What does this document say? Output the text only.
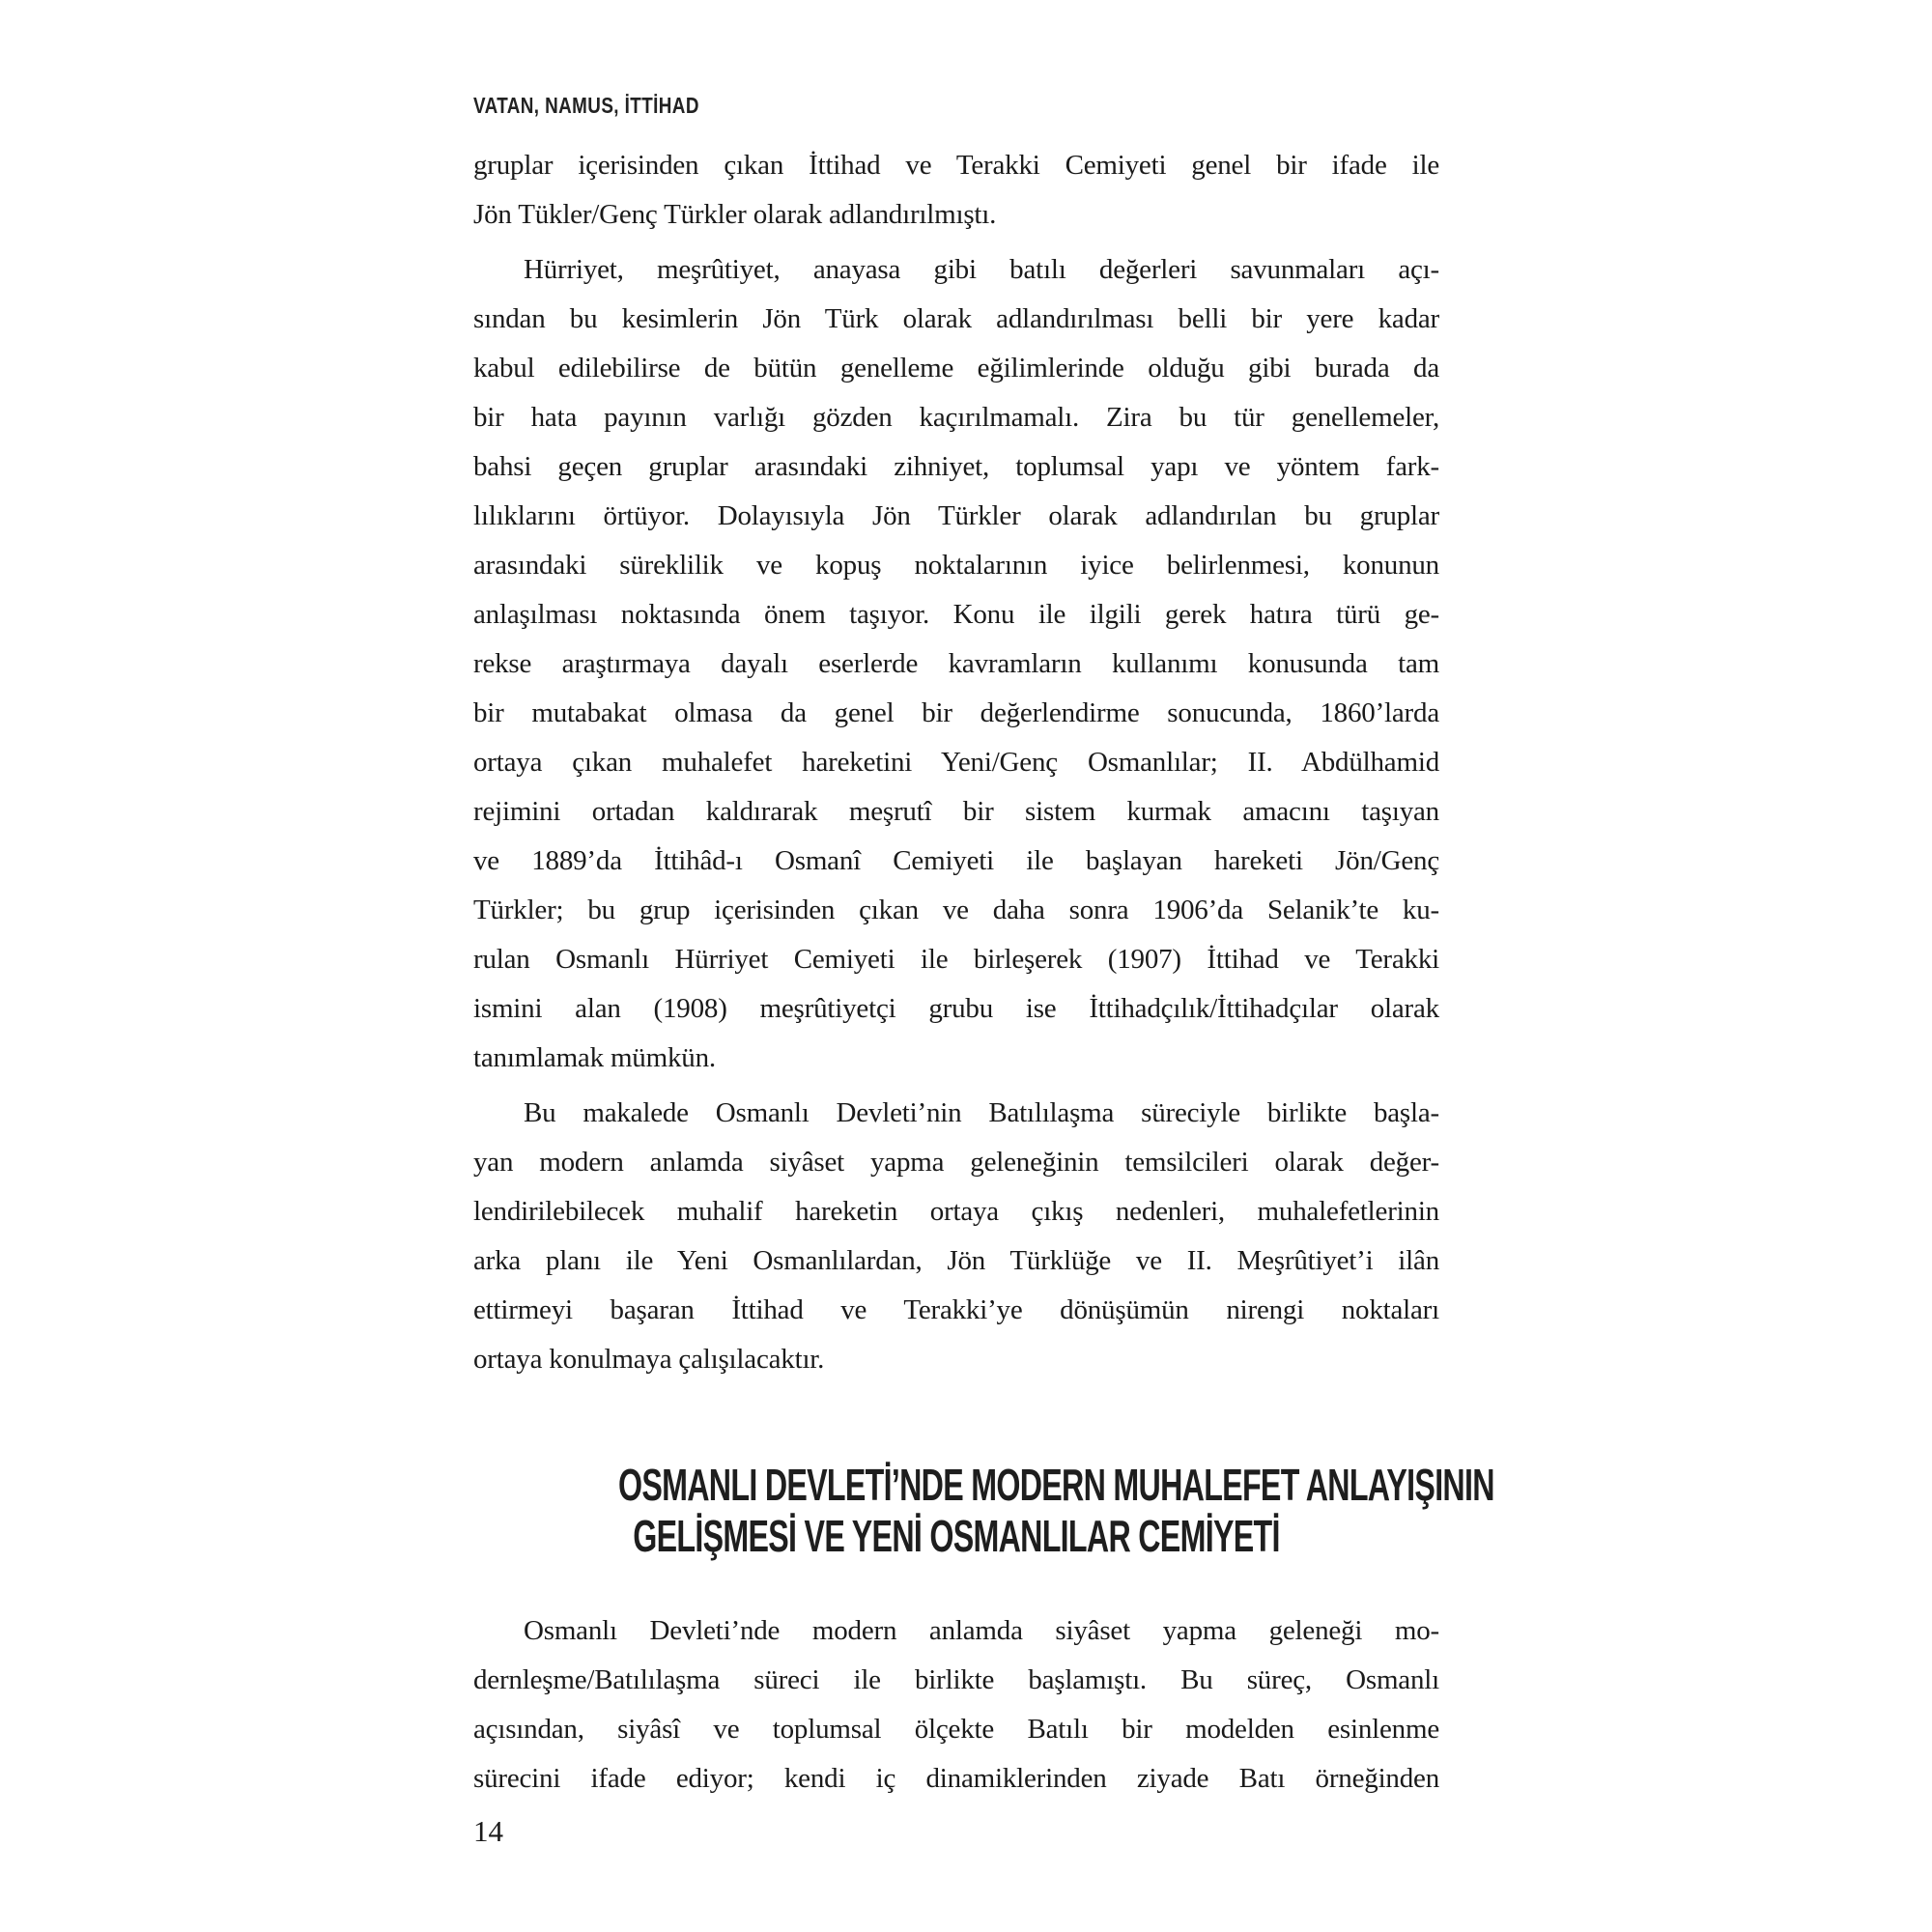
VATAN, NAMUS, İTTİHAD
gruplar içerisinden çıkan İttihad ve Terakki Cemiyeti genel bir ifade ile
Jön Tükler/Genç Türkler olarak adlandırılmıştı.
Hürriyet, meşrûtiyet, anayasa gibi batılı değerleri savunmaları açı-
sından bu kesimlerin Jön Türk olarak adlandırılması belli bir yere kadar
kabul edilebilirse de bütün genelleme eğilimlerinde olduğu gibi burada da
bir hata payının varlığı gözden kaçırılmamalı. Zira bu tür genellemeler,
bahsi geçen gruplar arasındaki zihniyet, toplumsal yapı ve yöntem fark-
lılıklarını örtüyor. Dolayısıyla Jön Türkler olarak adlandırılan bu gruplar
arasındaki süreklilik ve kopuş noktalarının iyice belirlenmesi, konunun
anlaşılması noktasında önem taşıyor. Konu ile ilgili gerek hatıra türü ge-
rekse araştırmaya dayalı eserlerde kavramların kullanımı konusunda tam
bir mutabakat olmasa da genel bir değerlendirme sonucunda, 1860’larda
ortaya çıkan muhalefet hareketini Yeni/Genç Osmanlılar; II. Abdülhamid
rejimini ortadan kaldırarak meşrutî bir sistem kurmak amacını taşıyan
ve 1889’da İttihâd-ı Osmanî Cemiyeti ile başlayan hareketi Jön/Genç
Türkler; bu grup içerisinden çıkan ve daha sonra 1906’da Selanik’te ku-
rulan Osmanlı Hürriyet Cemiyeti ile birleşerek (1907) İttihad ve Terakki
ismini alan (1908) meşrûtiyetçi grubu ise İttihadçılık/İttihadçılar olarak
tanımlamak mümkün.
Bu makalede Osmanlı Devleti’nin Batılılaşma süreciyle birlikte başla-
yan modern anlamda siyâset yapma geleneğinin temsilcileri olarak değer-
lendirilebilecek muhalif hareketin ortaya çıkış nedenleri, muhalefetlerinin
arka planı ile Yeni Osmanlılardan, Jön Türklüğe ve II. Meşrûtiyet’i ilân
ettirmeyi başaran İttihad ve Terakki’ye dönüşümün nirengi noktaları
ortaya konulmaya çalışılacaktır.
OSMANLI DEVLETİ’NDE MODERN MUHALEFET ANLAYIŞININ
GELİŞMESİ VE YENİ OSMANLILAR CEMİYETİ
Osmanlı Devleti’nde modern anlamda siyâset yapma geleneği mo-
dernleşme/Batılılaşma süreci ile birlikte başlamıştı. Bu süreç, Osmanlı
açısından, siyâsî ve toplumsal ölçekte Batılı bir modelden esinlenme
sürecini ifade ediyor; kendi iç dinamiklerinden ziyade Batı örneğinden
14
